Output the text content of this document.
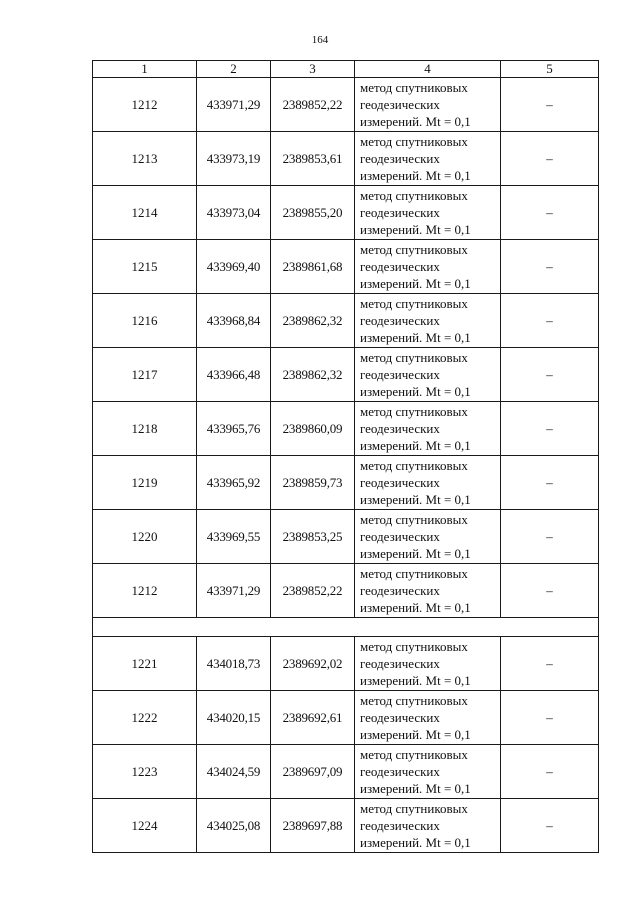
164
1	2	3	4	5
1212	433971,29	2389852,22	метод спутниковых
геодезических
измерений. Mt = 0,1	–
1213	433973,19	2389853,61	метод спутниковых
геодезических
измерений. Mt = 0,1	–
1214	433973,04	2389855,20	метод спутниковых
геодезических
измерений. Mt = 0,1	–
1215	433969,40	2389861,68	метод спутниковых
геодезических
измерений. Mt = 0,1	–
1216	433968,84	2389862,32	метод спутниковых
геодезических
измерений. Mt = 0,1	–
1217	433966,48	2389862,32	метод спутниковых
геодезических
измерений. Mt = 0,1	–
1218	433965,76	2389860,09	метод спутниковых
геодезических
измерений. Mt = 0,1	–
1219	433965,92	2389859,73	метод спутниковых
геодезических
измерений. Mt = 0,1	–
1220	433969,55	2389853,25	метод спутниковых
геодезических
измерений. Mt = 0,1	–
1212	433971,29	2389852,22	метод спутниковых
геодезических
измерений. Mt = 0,1	–

1221	434018,73	2389692,02	метод спутниковых
геодезических
измерений. Mt = 0,1	–
1222	434020,15	2389692,61	метод спутниковых
геодезических
измерений. Mt = 0,1	–
1223	434024,59	2389697,09	метод спутниковых
геодезических
измерений. Mt = 0,1	–
1224	434025,08	2389697,88	метод спутниковых
геодезических
измерений. Mt = 0,1	–
